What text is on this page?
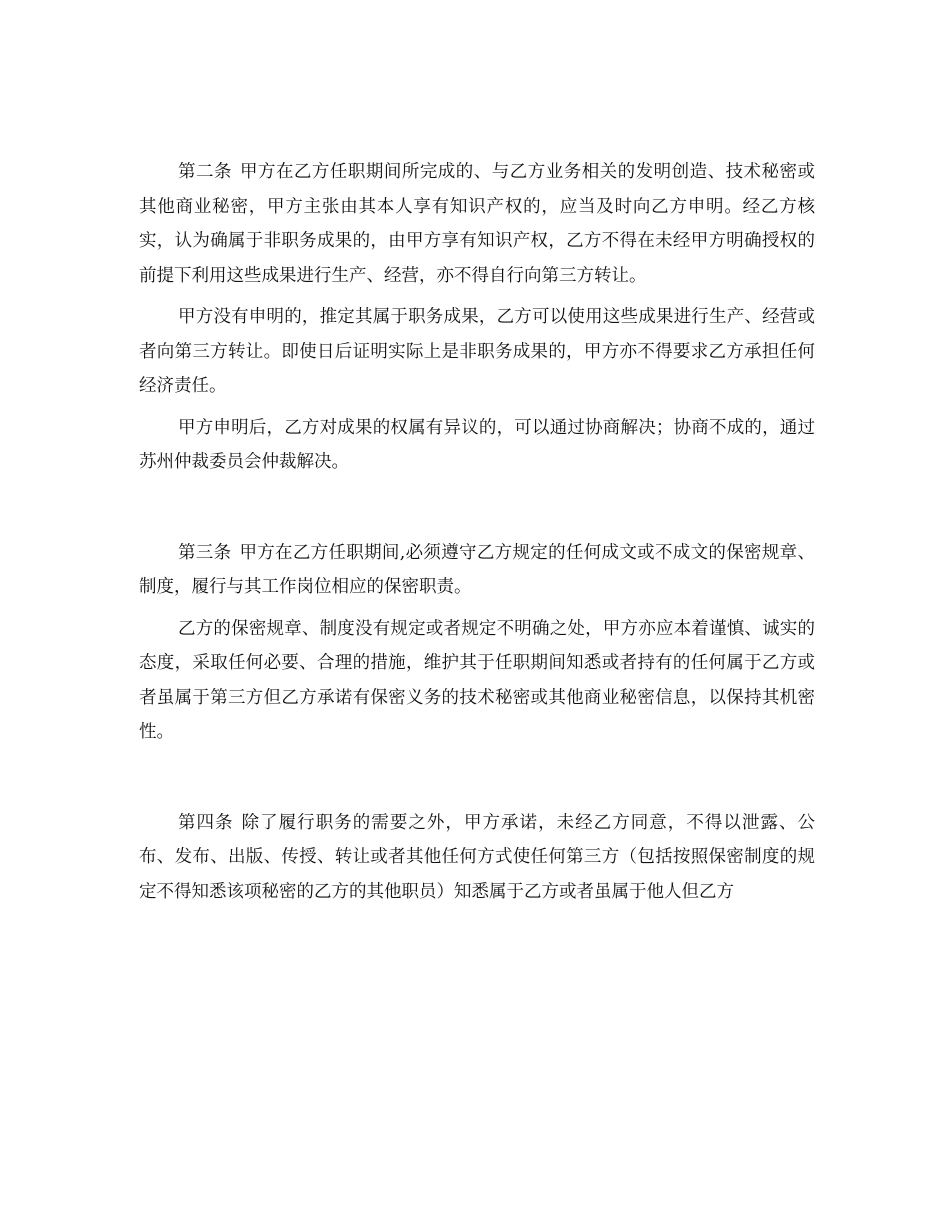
第二条 甲方在乙方任职期间所完成的、与乙方业务相关的发明创造、技术秘密或其他商业秘密，甲方主张由其本人享有知识产权的，应当及时向乙方申明。经乙方核实，认为确属于非职务成果的，由甲方享有知识产权，乙方不得在未经甲方明确授权的前提下利用这些成果进行生产、经营，亦不得自行向第三方转让。

甲方没有申明的，推定其属于职务成果，乙方可以使用这些成果进行生产、经营或者向第三方转让。即使日后证明实际上是非职务成果的，甲方亦不得要求乙方承担任何经济责任。

甲方申明后，乙方对成果的权属有异议的，可以通过协商解决；协商不成的，通过苏州仲裁委员会仲裁解决。

第三条 甲方在乙方任职期间,必须遵守乙方规定的任何成文或不成文的保密规章、制度，履行与其工作岗位相应的保密职责。

乙方的保密规章、制度没有规定或者规定不明确之处，甲方亦应本着谨慎、诚实的态度，采取任何必要、合理的措施，维护其于任职期间知悉或者持有的任何属于乙方或者虽属于第三方但乙方承诺有保密义务的技术秘密或其他商业秘密信息，以保持其机密性。

第四条 除了履行职务的需要之外，甲方承诺，未经乙方同意，不得以泄露、公布、发布、出版、传授、转让或者其他任何方式使任何第三方（包括按照保密制度的规定不得知悉该项秘密的乙方的其他职员）知悉属于乙方或者虽属于他人但乙方
